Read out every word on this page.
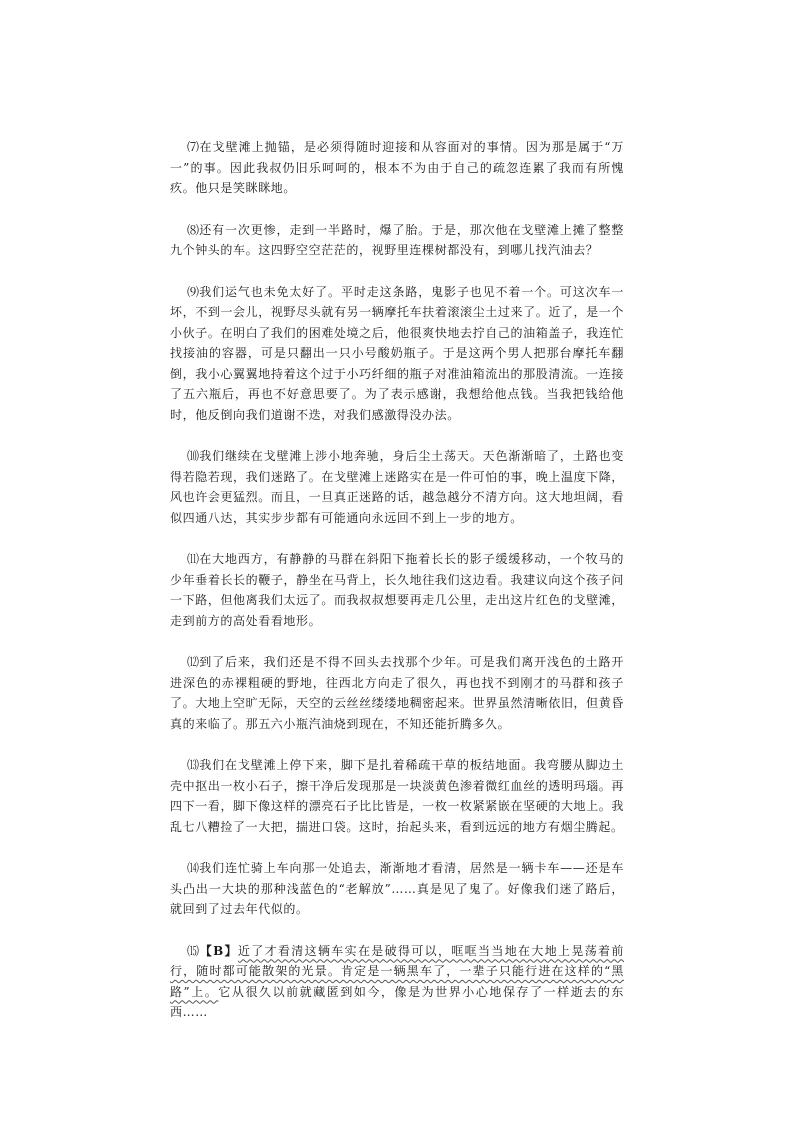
⑺在戈壁滩上抛锚，是必须得随时迎接和从容面对的事情。因为那是属于“万一”的事。因此我叔仍旧乐呵呵的，根本不为由于自己的疏忽连累了我而有所愧疚。他只是笑眯眯地。

⑻还有一次更惨，走到一半路时，爆了胎。于是，那次他在戈壁滩上摊了整整九个钟头的车。这四野空空茫茫的，视野里连棵树都没有，到哪儿找汽油去？

⑼我们运气也未免太好了。平时走这条路，鬼影子也见不着一个。可这次车一坏，不到一会儿，视野尽头就有另一辆摩托车扶着滚滚尘土过来了。近了，是一个小伙子。在明白了我们的困难处境之后，他很爽快地去拧自己的油箱盖子，我连忙找接油的容器，可是只翻出一只小号酸奶瓶子。于是这两个男人把那台摩托车翻倒，我小心翼翼地持着这个过于小巧纤细的瓶子对准油箱流出的那股清流。一连接了五六瓶后，再也不好意思要了。为了表示感谢，我想给他点钱。当我把钱给他时，他反倒向我们道谢不迭，对我们感激得没办法。

⑽我们继续在戈壁滩上涉小地奔驰，身后尘土荡天。天色渐渐暗了，土路也变得若隐若现，我们迷路了。在戈壁滩上迷路实在是一件可怕的事，晚上温度下降，风也许会更猛烈。而且，一旦真正迷路的话，越急越分不清方向。这大地坦阔，看似四通八达，其实步步都有可能通向永远回不到上一步的地方。

⑾在大地西方，有静静的马群在斜阳下拖着长长的影子缓缓移动，一个牧马的少年垂着长长的鞭子，静坐在马背上，长久地往我们这边看。我建议向这个孩子问一下路，但他离我们太远了。而我叔叔想要再走几公里，走出这片红色的戈壁滩，走到前方的高处看看地形。

⑿到了后来，我们还是不得不回头去找那个少年。可是我们离开浅色的土路开进深色的赤裸粗硬的野地，往西北方向走了很久，再也找不到刚才的马群和孩子了。大地上空旷无际，天空的云丝丝缕缕地稠密起来。世界虽然清晰依旧，但黄昏真的来临了。那五六小瓶汽油烧到现在，不知还能折腾多久。

⒀我们在戈壁滩上停下来，脚下是扎着稀疏干草的板结地面。我弯腰从脚边土壳中抠出一枚小石子，擦干净后发现那是一块淡黄色渗着微红血丝的透明玛瑙。再四下一看，脚下像这样的漂亮石子比比皆是，一枚一枚紧紧嵌在坚硬的大地上。我乱七八糟捡了一大把，揣进口袋。这时，抬起头来，看到远远的地方有烟尘腾起。

⒁我们连忙骑上车向那一处追去，渐渐地才看清，居然是一辆卡车——还是车头凸出一大块的那种浅蓝色的“老解放”……真是见了鬼了。好像我们迷了路后，就回到了过去年代似的。

⒂【B】近了才看清这辆车实在是破得可以，哐哐当当地在大地上晃荡着前行，随时都可能散架的光景。肯定是一辆黑车了，一辈子只能行进在这样的“黑路”上。它从很久以前就藏匿到如今，像是为世界小心地保存了一样逝去的东西……
